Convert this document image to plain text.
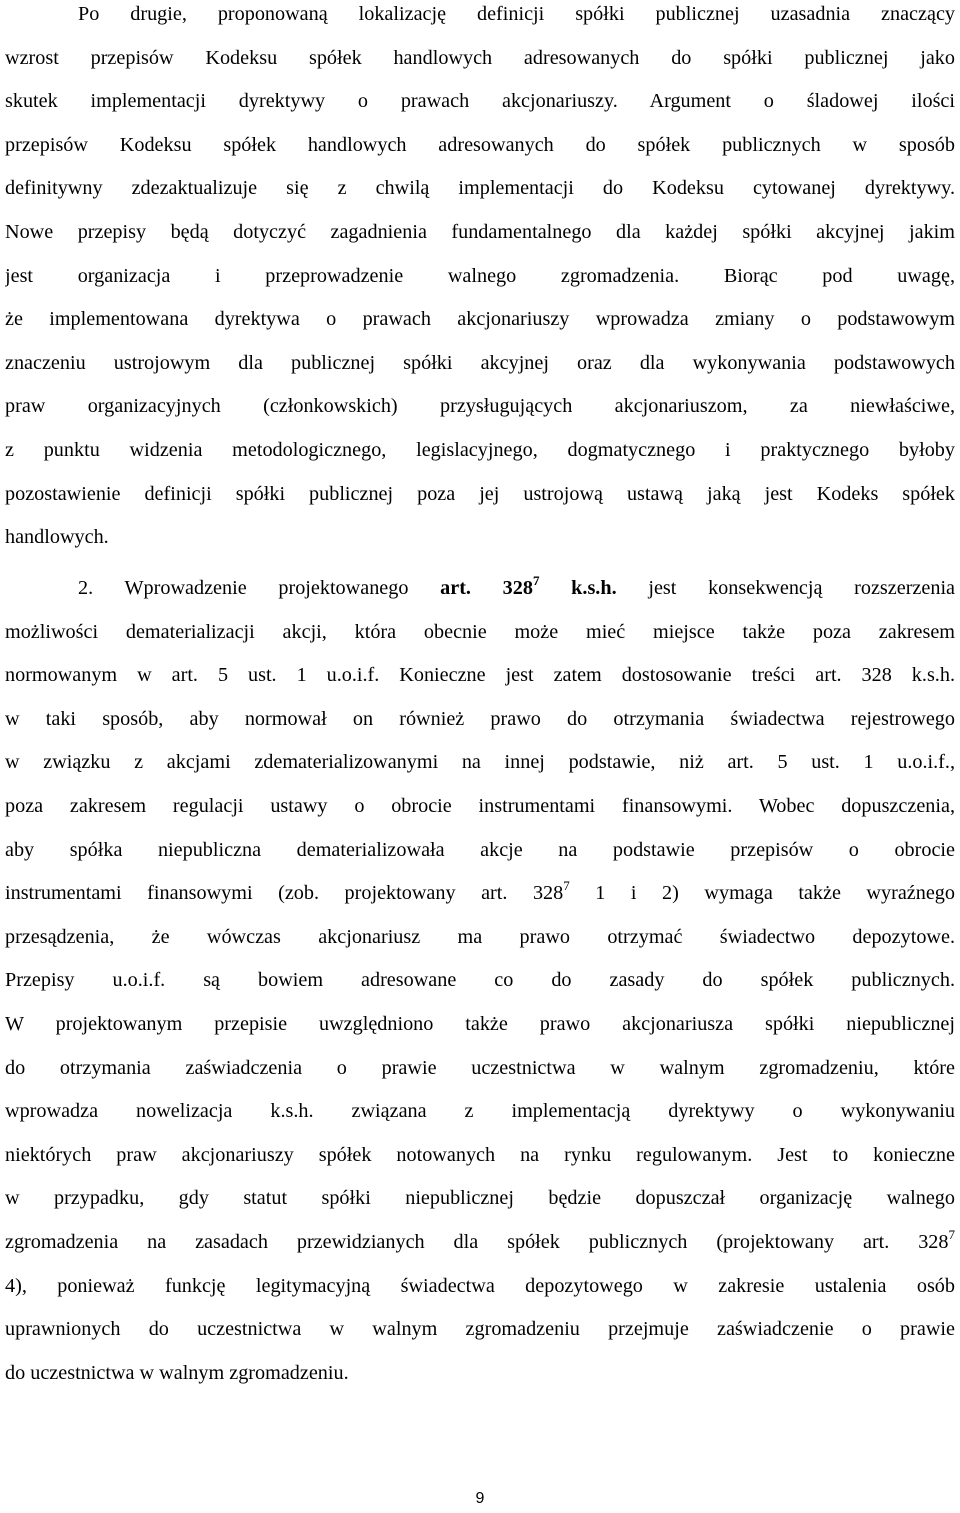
Po drugie, proponowaną lokalizację definicji spółki publicznej uzasadnia znaczący
wzrost przepisów Kodeksu spółek handlowych adresowanych do spółki publicznej jako
skutek implementacji dyrektywy o prawach akcjonariuszy. Argument o śladowej ilości
przepisów Kodeksu spółek handlowych adresowanych do spółek publicznych w sposób
definitywny zdezaktualizuje się z chwilą implementacji do Kodeksu cytowanej dyrektywy.
Nowe przepisy będą dotyczyć zagadnienia fundamentalnego dla każdej spółki akcyjnej jakim
jest organizacja i przeprowadzenie walnego zgromadzenia. Biorąc pod uwagę,
że implementowana dyrektywa o prawach akcjonariuszy wprowadza zmiany o podstawowym
znaczeniu ustrojowym dla publicznej spółki akcyjnej oraz dla wykonywania podstawowych
praw organizacyjnych (członkowskich) przysługujących akcjonariuszom, za niewłaściwe,
z punktu widzenia metodologicznego, legislacyjnego, dogmatycznego i praktycznego byłoby
pozostawienie definicji spółki publicznej poza jej ustrojową ustawą jaką jest Kodeks spółek
handlowych.
2. Wprowadzenie projektowanego art. $328^7$ k.s.h. jest konsekwencją rozszerzenia
możliwości dematerializacji akcji, która obecnie może mieć miejsce także poza zakresem
normowanym w art. 5 ust. 1 u.o.i.f. Konieczne jest zatem dostosowanie treści art. 328 k.s.h.
w taki sposób, aby normował on również prawo do otrzymania świadectwa rejestrowego
w związku z akcjami zdematerializowanymi na innej podstawie, niż art. 5 ust. 1 u.o.i.f.,
poza zakresem regulacji ustawy o obrocie instrumentami finansowymi. Wobec dopuszczenia,
aby spółka niepubliczna dematerializowała akcje na podstawie przepisów o obrocie
instrumentami finansowymi (zob. projektowany art. $328^7$ 1 i 2) wymaga także wyraźnego
przesądzenia, że wówczas akcjonariusz ma prawo otrzymać świadectwo depozytowe.
Przepisy u.o.i.f. są bowiem adresowane co do zasady do spółek publicznych.
W projektowanym przepisie uwzględniono także prawo akcjonariusza spółki niepublicznej
do otrzymania zaświadczenia o prawie uczestnictwa w walnym zgromadzeniu, które
wprowadza nowelizacja k.s.h. związana z implementacją dyrektywy o wykonywaniu
niektórych praw akcjonariuszy spółek notowanych na rynku regulowanym. Jest to konieczne
w przypadku, gdy statut spółki niepublicznej będzie dopuszczał organizację walnego
zgromadzenia na zasadach przewidzianych dla spółek publicznych (projektowany art. $328^7$
4), ponieważ funkcję legitymacyjną świadectwa depozytowego w zakresie ustalenia osób
uprawnionych do uczestnictwa w walnym zgromadzeniu przejmuje zaświadczenie o prawie
do uczestnictwa w walnym zgromadzeniu.
9
